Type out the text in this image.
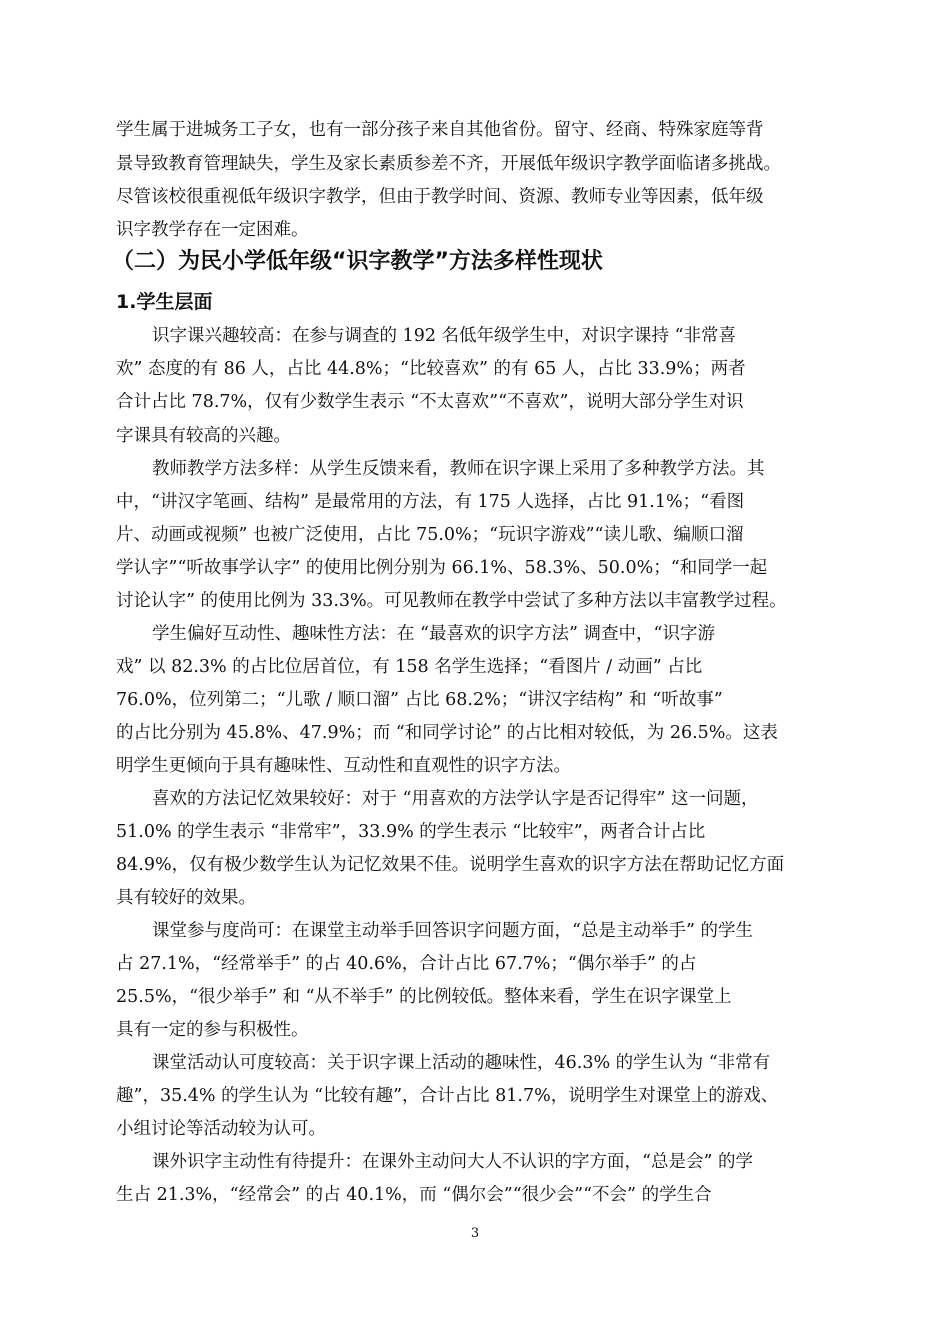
学生属于进城务工子女，也有一部分孩子来自其他省份。留守、经商、特殊家庭等背
景导致教育管理缺失，学生及家长素质参差不齐，开展低年级识字教学面临诸多挑战。
尽管该校很重视低年级识字教学，但由于教学时间、资源、教师专业等因素，低年级
识字教学存在一定困难。
（二）为民小学低年级“识字教学”方法多样性现状
1.学生层面
识字课兴趣较高：在参与调查的 192 名低年级学生中，对识字课持 “非常喜
欢” 态度的有 86 人，占比 44.8%；“比较喜欢” 的有 65 人，占比 33.9%；两者
合计占比 78.7%，仅有少数学生表示 “不太喜欢”“不喜欢”，说明大部分学生对识
字课具有较高的兴趣。
教师教学方法多样：从学生反馈来看，教师在识字课上采用了多种教学方法。其
中，“讲汉字笔画、结构” 是最常用的方法，有 175 人选择，占比 91.1%；“看图
片、动画或视频” 也被广泛使用，占比 75.0%；“玩识字游戏”“读儿歌、编顺口溜
学认字”“听故事学认字” 的使用比例分别为 66.1%、58.3%、50.0%；“和同学一起
讨论认字” 的使用比例为 33.3%。可见教师在教学中尝试了多种方法以丰富教学过程。
学生偏好互动性、趣味性方法：在 “最喜欢的识字方法” 调查中，“识字游
戏” 以 82.3% 的占比位居首位，有 158 名学生选择；“看图片 / 动画” 占比
76.0%，位列第二；“儿歌 / 顺口溜” 占比 68.2%；“讲汉字结构” 和 “听故事”
的占比分别为 45.8%、47.9%；而 “和同学讨论” 的占比相对较低，为 26.5%。这表
明学生更倾向于具有趣味性、互动性和直观性的识字方法。
喜欢的方法记忆效果较好：对于 “用喜欢的方法学认字是否记得牢” 这一问题，
51.0% 的学生表示 “非常牢”，33.9% 的学生表示 “比较牢”，两者合计占比
84.9%，仅有极少数学生认为记忆效果不佳。说明学生喜欢的识字方法在帮助记忆方面
具有较好的效果。
课堂参与度尚可：在课堂主动举手回答识字问题方面，“总是主动举手” 的学生
占 27.1%，“经常举手” 的占 40.6%，合计占比 67.7%；“偶尔举手” 的占
25.5%，“很少举手” 和 “从不举手” 的比例较低。整体来看，学生在识字课堂上
具有一定的参与积极性。
课堂活动认可度较高：关于识字课上活动的趣味性，46.3% 的学生认为 “非常有
趣”，35.4% 的学生认为 “比较有趣”，合计占比 81.7%，说明学生对课堂上的游戏、
小组讨论等活动较为认可。
课外识字主动性有待提升：在课外主动问大人不认识的字方面，“总是会” 的学
生占 21.3%，“经常会” 的占 40.1%，而 “偶尔会”“很少会”“不会” 的学生合
3
